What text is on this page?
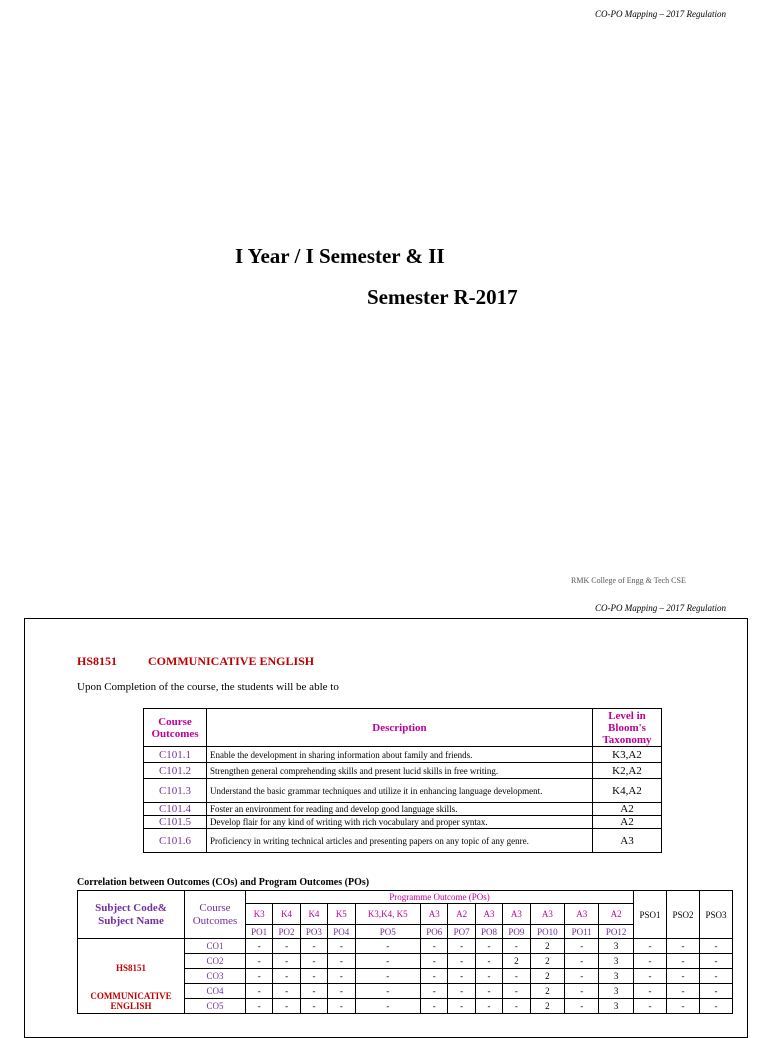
CO-PO Mapping – 2017 Regulation
I Year / I Semester & II
Semester R-2017
RMK College of Engg & Tech CSE
CO-PO Mapping – 2017 Regulation
HS8151	COMMUNICATIVE ENGLISH
Upon Completion of the course, the students will be able to
Course Outcomes	Description	Level in Bloom's Taxonomy
C101.1	Enable the development in sharing information about family and friends.	K3,A2
C101.2	Strengthen general comprehending skills and present lucid skills in free writing.	K2,A2
C101.3	Understand the basic grammar techniques and utilize it in enhancing language development.	K4,A2
C101.4	Foster an environment for reading and develop good language skills.	A2
C101.5	Develop flair for any kind of writing with rich vocabulary and proper syntax.	A2
C101.6	Proficiency in writing technical articles and presenting papers on any topic of any genre.	A3
Correlation between Outcomes (COs) and Program Outcomes (POs)
Subject Code& Subject Name	Course Outcomes	Programme Outcome (POs)												PSO1	PSO2	PSO3
		K3	K4	K4	K5	K3,K4, K5	A3	A2	A3	A3	A3	A3	A2			
		PO1	PO2	PO3	PO4	PO5	PO6	PO7	PO8	PO9	PO10	PO11	PO12			

HS8151
COMMUNICATIVE ENGLISH	CO1	-	-	-	-	-	-	-	-	-	2	-	3	-	-	-
	CO2	-	-	-	-	-	-	-	-	2	2	-	3	-	-	-
	CO3	-	-	-	-	-	-	-	-	-	2	-	3	-	-	-
	CO4	-	-	-	-	-	-	-	-	-	2	-	3	-	-	-
	CO5	-	-	-	-	-	-	-	-	-	2	-	3	-	-	-
